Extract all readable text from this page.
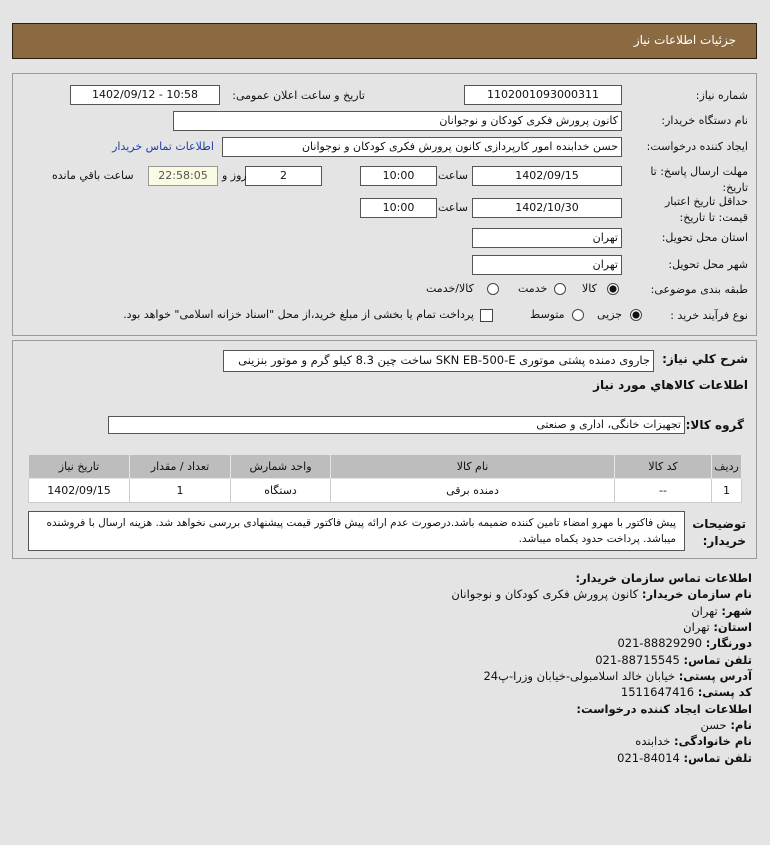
جزئیات اطلاعات نیاز
شماره نیاز:
1102001093000311
تاریخ و ساعت اعلان عمومی:
1402/09/12 - 10:58
نام دستگاه خریدار:
کانون پرورش فکری کودکان و نوجوانان
ایجاد کننده درخواست:
حسن خدابنده امور کارپردازی کانون پرورش فکری کودکان و نوجوانان
اطلاعات تماس خریدار
مهلت ارسال پاسخ: تا تاریخ:
1402/09/15
ساعت
10:00
2
روز و
22:58:05
ساعت باقي مانده
حداقل تاریخ اعتبار قیمت: تا تاریخ:
1402/10/30
ساعت
10:00
استان محل تحویل:
تهران
شهر محل تحویل:
تهران
طبقه بندی موضوعی:
کالا
خدمت
کالا/خدمت
نوع فرآیند خرید :
جزیی
متوسط
پرداخت تمام یا بخشی از مبلغ خرید،از محل "اسناد خزانه اسلامی" خواهد بود.
شرح کلي نياز:
جاروی دمنده پشتی موتوری SKN EB-500-E ساخت چین 8.3 کیلو گرم و موتور بنزینی
اطلاعات کالاهاي مورد نياز
گروه کالا:
تجهیزات خانگی، اداری و صنعتی
ردیف	کد کالا	نام کالا	واحد شمارش	تعداد / مقدار	تاریخ نیاز
1	--	دمنده برقی	دستگاه	1	1402/09/15
توضیحات خریدار:
پیش فاکتور با مهرو امضاء تامین کننده ضمیمه باشد.درصورت عدم ارائه پیش فاکتور قیمت پیشنهادی بررسی نخواهد شد. هزینه ارسال با فروشنده میباشد. پرداخت حدود یکماه میباشد.
اطلاعات تماس سازمان خریدار:
نام سازمان خریدار: کانون پرورش فکری کودکان و نوجوانان
شهر: تهران
استان: تهران
دورنگار: 88829290-021
تلفن تماس: 88715545-021
آدرس پستی: خیابان خالد اسلامبولی-خیابان وزرا-پ24
کد پستی: 1511647416
اطلاعات ایجاد کننده درخواست:
نام: حسن
نام خانوادگی: خدابنده
تلفن تماس: 84014-021
